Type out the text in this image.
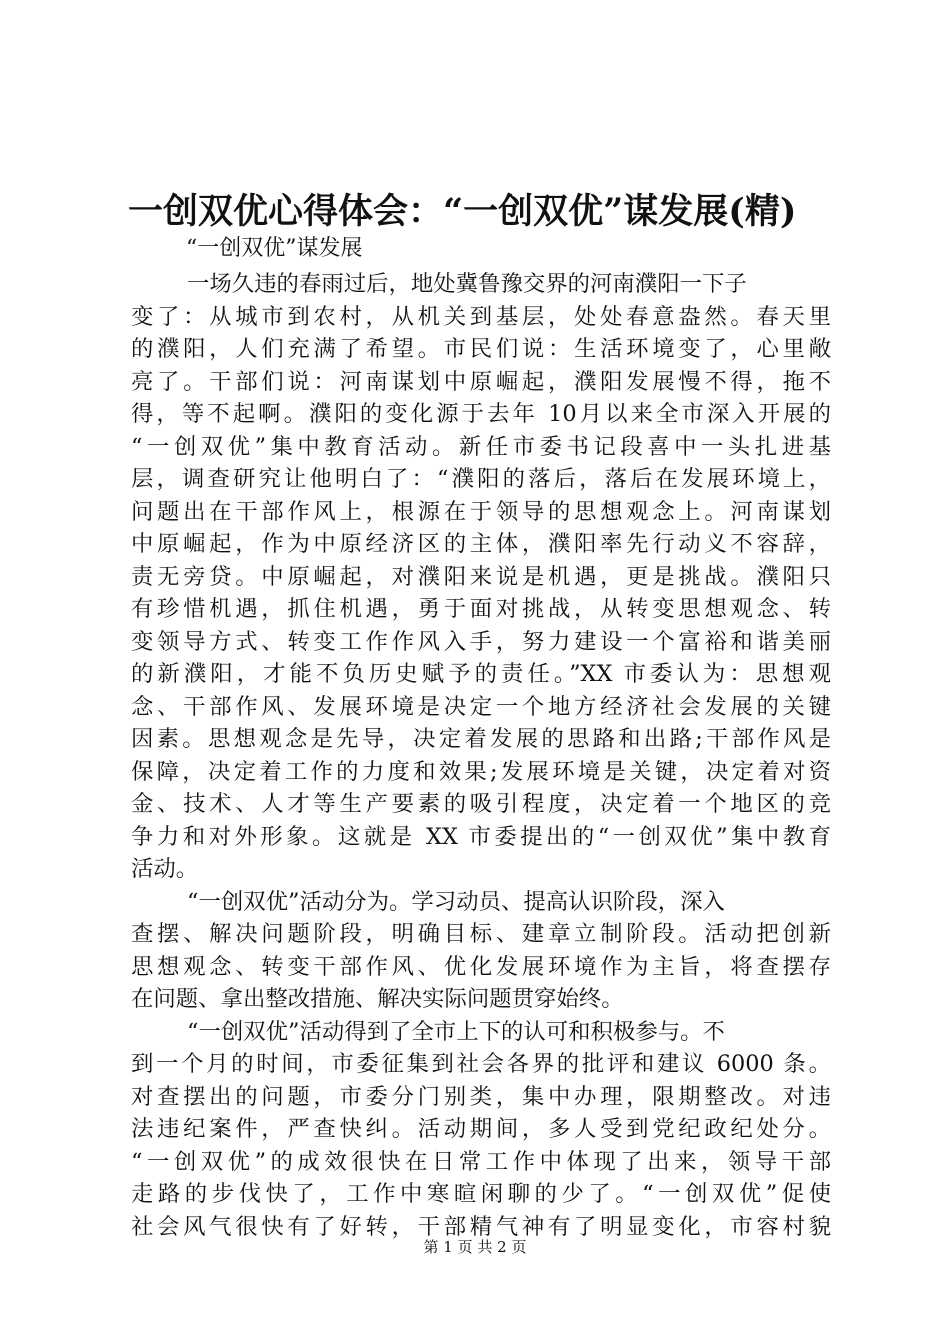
一创双优心得体会：“一创双优”谋发展(精)

“一创双优”谋发展

一场久违的春雨过后，地处冀鲁豫交界的河南濮阳一下子
变了：从城市到农村，从机关到基层，处处春意盎然。春天里
的濮阳，人们充满了希望。市民们说：生活环境变了，心里敞
亮了。干部们说：河南谋划中原崛起，濮阳发展慢不得，拖不
得，等不起啊。濮阳的变化源于去年 10月以来全市深入开展的
“一创双优”集中教育活动。新任市委书记段喜中一头扎进基
层，调查研究让他明白了：“濮阳的落后，落后在发展环境上，
问题出在干部作风上，根源在于领导的思想观念上。河南谋划
中原崛起，作为中原经济区的主体，濮阳率先行动义不容辞，
责无旁贷。中原崛起，对濮阳来说是机遇，更是挑战。濮阳只
有珍惜机遇，抓住机遇，勇于面对挑战，从转变思想观念、转
变领导方式、转变工作作风入手，努力建设一个富裕和谐美丽
的新濮阳，才能不负历史赋予的责任。”XX 市委认为：思想观
念、干部作风、发展环境是决定一个地方经济社会发展的关键
因素。思想观念是先导，决定着发展的思路和出路;干部作风是
保障，决定着工作的力度和效果;发展环境是关键，决定着对资
金、技术、人才等生产要素的吸引程度，决定着一个地区的竞
争力和对外形象。这就是 XX 市委提出的“一创双优”集中教育
活动。
“一创双优”活动分为。学习动员、提高认识阶段，深入
查摆、解决问题阶段，明确目标、建章立制阶段。活动把创新
思想观念、转变干部作风、优化发展环境作为主旨，将查摆存
在问题、拿出整改措施、解决实际问题贯穿始终。
“一创双优”活动得到了全市上下的认可和积极参与。不
到一个月的时间，市委征集到社会各界的批评和建议 6000 条。
对查摆出的问题，市委分门别类，集中办理，限期整改。对违
法违纪案件，严查快纠。活动期间，多人受到党纪政纪处分。
“一创双优”的成效很快在日常工作中体现了出来，领导干部
走路的步伐快了，工作中寒暄闲聊的少了。“一创双优”促使
社会风气很快有了好转，干部精气神有了明显变化，市容村貌
第 1 页 共 2 页
